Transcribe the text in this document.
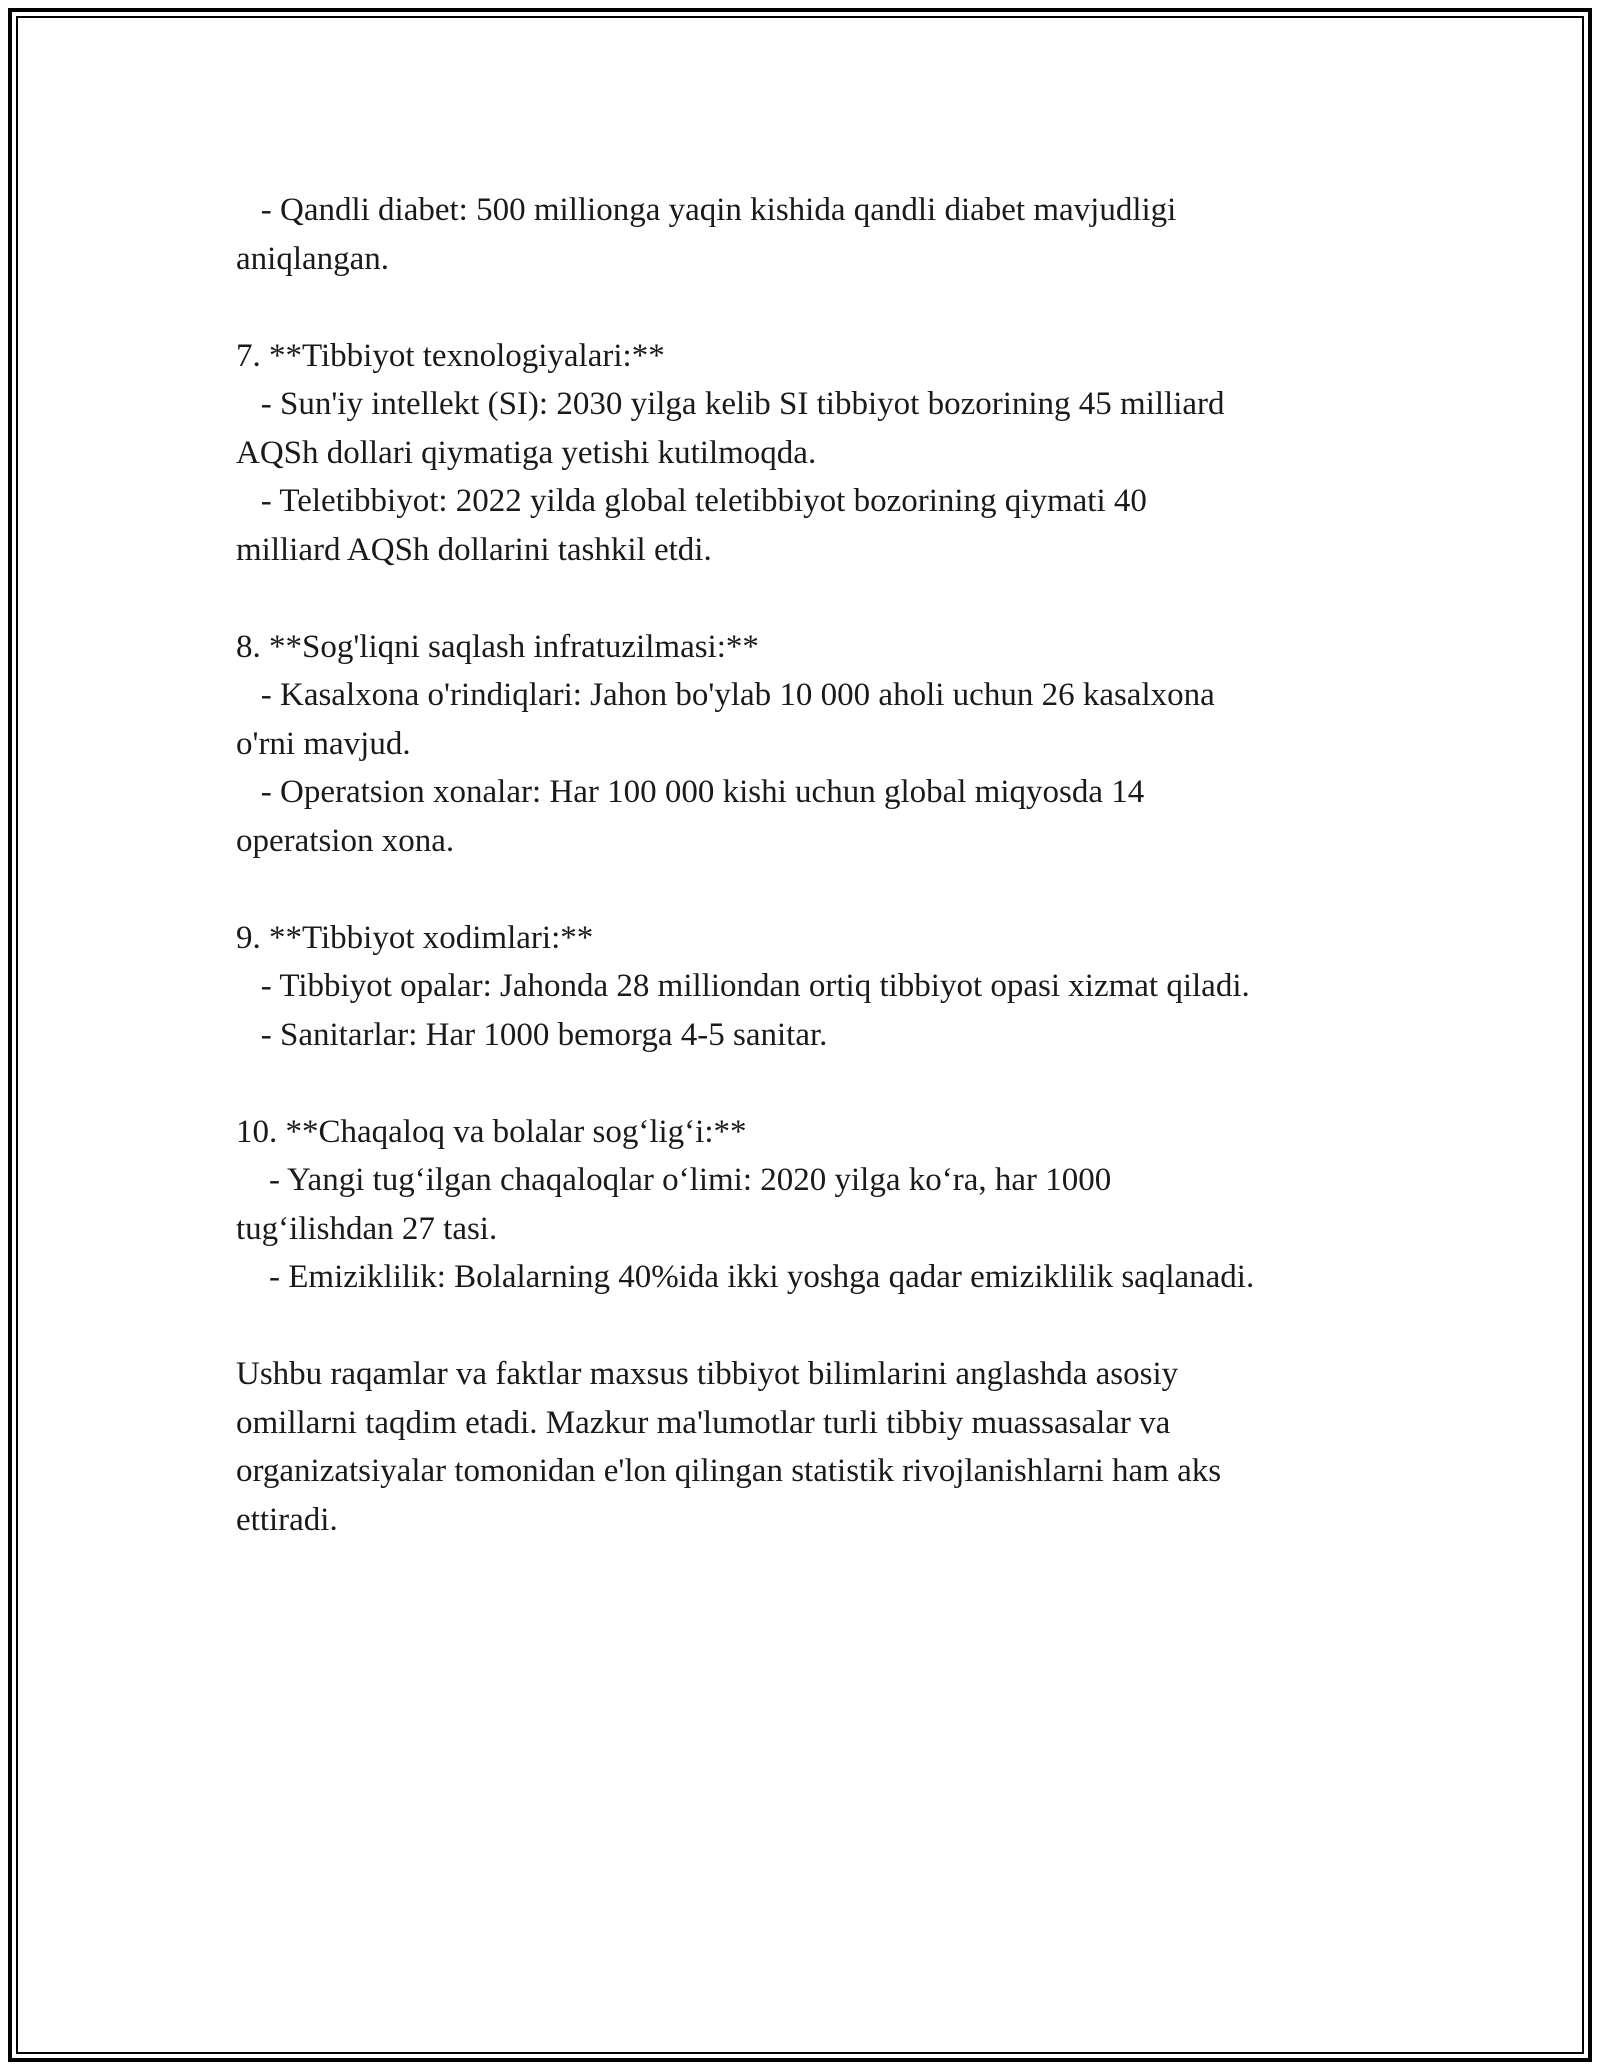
- Qandli diabet: 500 millionga yaqin kishida qandli diabet mavjudligi
aniqlangan.
7. **Tibbiyot texnologiyalari:**
- Sun'iy intellekt (SI): 2030 yilga kelib SI tibbiyot bozorining 45 milliard
AQSh dollari qiymatiga yetishi kutilmoqda.
- Teletibbiyot: 2022 yilda global teletibbiyot bozorining qiymati 40
milliard AQSh dollarini tashkil etdi.
8. **Sog'liqni saqlash infratuzilmasi:**
- Kasalxona o'rindiqlari: Jahon bo'ylab 10 000 aholi uchun 26 kasalxona
o'rni mavjud.
- Operatsion xonalar: Har 100 000 kishi uchun global miqyosda 14
operatsion xona.
9. **Tibbiyot xodimlari:**
- Tibbiyot opalar: Jahonda 28 milliondan ortiq tibbiyot opasi xizmat qiladi.
- Sanitarlar: Har 1000 bemorga 4-5 sanitar.
10. **Chaqaloq va bolalar sog‘lig‘i:**
- Yangi tug‘ilgan chaqaloqlar o‘limi: 2020 yilga ko‘ra, har 1000
tug‘ilishdan 27 tasi.
- Emiziklilik: Bolalarning 40%ida ikki yoshga qadar emiziklilik saqlanadi.
Ushbu raqamlar va faktlar maxsus tibbiyot bilimlarini anglashda asosiy
omillarni taqdim etadi. Mazkur ma'lumotlar turli tibbiy muassasalar va
organizatsiyalar tomonidan e'lon qilingan statistik rivojlanishlarni ham aks
ettiradi.
